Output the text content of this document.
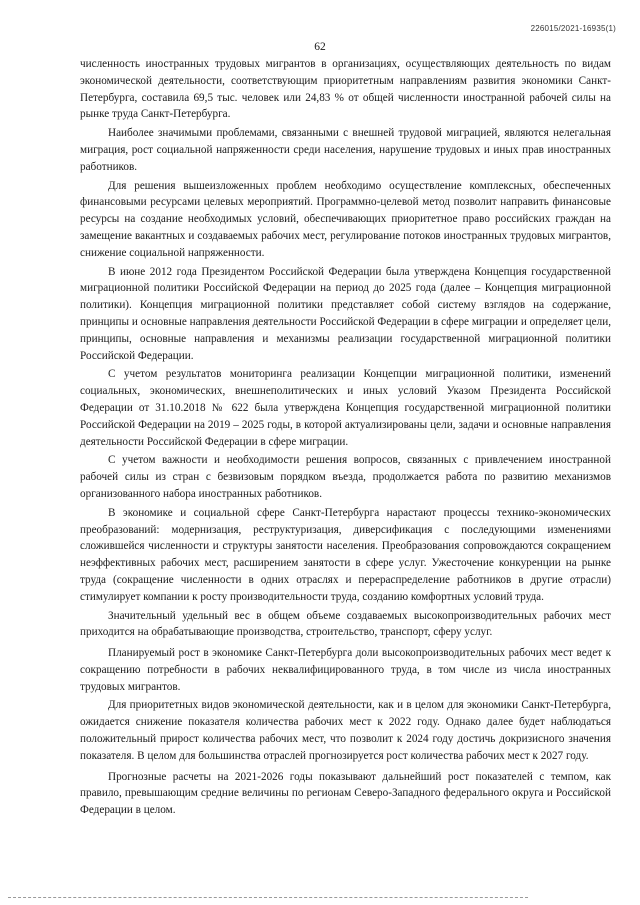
226015/2021-16935(1)
62

численность иностранных трудовых мигрантов в организациях, осуществляющих деятельность по видам экономической деятельности, соответствующим приоритетным направлениям развития экономики Санкт-Петербурга, составила 69,5 тыс. человек или 24,83 % от общей численности иностранной рабочей силы на рынке труда Санкт-Петербурга.

Наиболее значимыми проблемами, связанными с внешней трудовой миграцией, являются нелегальная миграция, рост социальной напряженности среди населения, нарушение трудовых и иных прав иностранных работников.

Для решения вышеизложенных проблем необходимо осуществление комплексных, обеспеченных финансовыми ресурсами целевых мероприятий. Программно-целевой метод позволит направить финансовые ресурсы на создание необходимых условий, обеспечивающих приоритетное право российских граждан на замещение вакантных и создаваемых рабочих мест, регулирование потоков иностранных трудовых мигрантов, снижение социальной напряженности.

В июне 2012 года Президентом Российской Федерации была утверждена Концепция государственной миграционной политики Российской Федерации на период до 2025 года (далее – Концепция миграционной политики). Концепция миграционной политики представляет собой систему взглядов на содержание, принципы и основные направления деятельности Российской Федерации в сфере миграции и определяет цели, принципы, основные направления и механизмы реализации государственной миграционной политики Российской Федерации.

С учетом результатов мониторинга реализации Концепции миграционной политики, изменений социальных, экономических, внешнеполитических и иных условий Указом Президента Российской Федерации от 31.10.2018 № 622 была утверждена Концепция государственной миграционной политики Российской Федерации на 2019 – 2025 годы, в которой актуализированы цели, задачи и основные направления деятельности Российской Федерации в сфере миграции.

С учетом важности и необходимости решения вопросов, связанных с привлечением иностранной рабочей силы из стран с безвизовым порядком въезда, продолжается работа по развитию механизмов организованного набора иностранных работников.

В экономике и социальной сфере Санкт-Петербурга нарастают процессы технико-экономических преобразований: модернизация, реструктуризация, диверсификация с последующими изменениями сложившейся численности и структуры занятости населения. Преобразования сопровождаются сокращением неэффективных рабочих мест, расширением занятости в сфере услуг. Ужесточение конкуренции на рынке труда (сокращение численности в одних отраслях и перераспределение работников в другие отрасли) стимулирует компании к росту производительности труда, созданию комфортных условий труда.

Значительный удельный вес в общем объеме создаваемых высокопроизводительных рабочих мест приходится на обрабатывающие производства, строительство, транспорт, сферу услуг.

Планируемый рост в экономике Санкт-Петербурга доли высокопроизводительных рабочих мест ведет к сокращению потребности в рабочих неквалифицированного труда, в том числе из числа иностранных трудовых мигрантов.

Для приоритетных видов экономической деятельности, как и в целом для экономики Санкт-Петербурга, ожидается снижение показателя количества рабочих мест к 2022 году. Однако далее будет наблюдаться положительный прирост количества рабочих мест, что позволит к 2024 году достичь докризисного значения показателя. В целом для большинства отраслей прогнозируется рост количества рабочих мест к 2027 году.

Прогнозные расчеты на 2021-2026 годы показывают дальнейший рост показателей с темпом, как правило, превышающим средние величины по регионам Северо-Западного федерального округа и Российской Федерации в целом.
